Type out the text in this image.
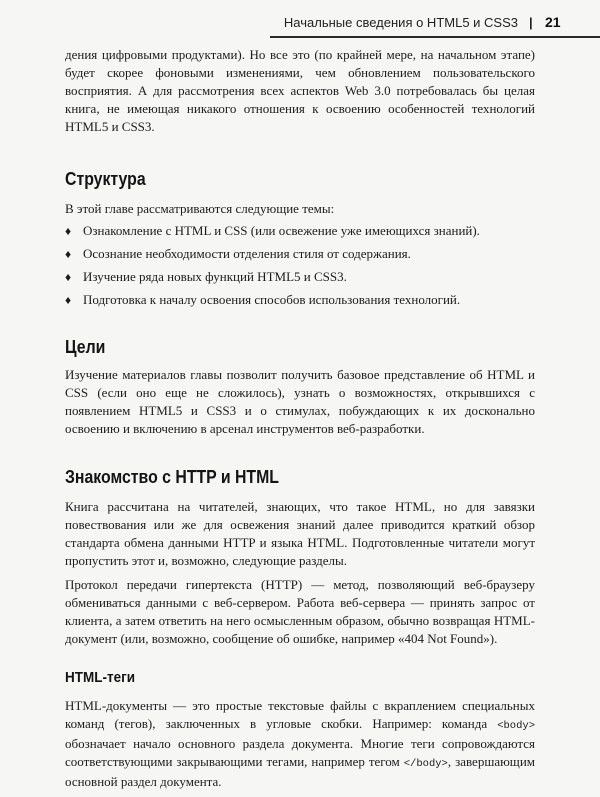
Начальные сведения о HTML5 и CSS3 | 21

дения цифровыми продуктами). Но все это (по крайней мере, на начальном этапе) будет скорее фоновыми изменениями, чем обновлением пользовательского восприятия. А для рассмотрения всех аспектов Web 3.0 потребовалась бы целая книга, не имеющая никакого отношения к освоению особенностей технологий HTML5 и CSS3.

Структура

В этой главе рассматриваются следующие темы:

♦ Ознакомление с HTML и CSS (или освежение уже имеющихся знаний).
♦ Осознание необходимости отделения стиля от содержания.
♦ Изучение ряда новых функций HTML5 и CSS3.
♦ Подготовка к началу освоения способов использования технологий.
Цели

Изучение материалов главы позволит получить базовое представление об HTML и CSS (если оно еще не сложилось), узнать о возможностях, открывшихся с появлением HTML5 и CSS3 и о стимулах, побуждающих к их досконально освоению и включению в арсенал инструментов веб-разработки.

Знакомство с HTTP и HTML

Книга рассчитана на читателей, знающих, что такое HTML, но для завязки повествования или же для освежения знаний далее приводится краткий обзор стандарта обмена данными HTTP и языка HTML. Подготовленные читатели могут пропустить этот и, возможно, следующие разделы.

Протокол передачи гипертекста (HTTP) — метод, позволяющий веб-браузеру обмениваться данными с веб-сервером. Работа веб-сервера — принять запрос от клиента, а затем ответить на него осмысленным образом, обычно возвращая HTML-документ (или, возможно, сообщение об ошибке, например «404 Not Found»).

HTML-теги

HTML-документы — это простые текстовые файлы с вкраплением специальных команд (тегов), заключенных в угловые скобки. Например: команда <body> обозначает начало основного раздела документа. Многие теги сопровождаются соответствующими закрывающими тегами, например тегом </body>, завершающим основной раздел документа.
